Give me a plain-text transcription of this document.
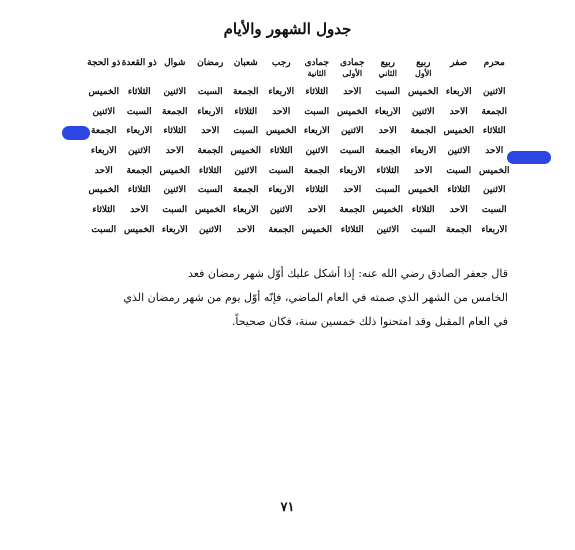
جدول الشهور والأيام
محرم
صفر
ربيع
ربيع
جمادى
جمادى
رجب
شعبان
رمضان
شوال
ذو القعدة
ذو الحجة
الأول
الثاني
الأولى
الثانية
الاثنين
الأربعاء
الخميس
السبت
الأحد
الثلاثاء
الأربعاء
الجمعة
السبت
الاثنين
الثلاثاء
الخميس
الجمعة
الأحد
الاثنين
الأربعاء
الخميس
السبت
الأحد
الثلاثاء
الأربعاء
الجمعة
السبت
الاثنين
الثلاثاء
الخميس
الجمعة
الأحد
الاثنين
الأربعاء
الخميس
السبت
الأحد
الثلاثاء
الأربعاء
الجمعة
الأحد
الاثنين
الأربعاء
الجمعة
السبت
الاثنين
الثلاثاء
الخميس
الجمعة
الأحد
الاثنين
الأربعاء
الخميس
السبت
الأحد
الثلاثاء
الأربعاء
الجمعة
السبت
الاثنين
الثلاثاء
الخميس
الجمعة
الأحد
الاثنين
الثلاثاء
الخميس
السبت
الأحد
الثلاثاء
الأربعاء
الجمعة
السبت
الاثنين
الثلاثاء
الخميس
السبت
الأحد
الثلاثاء
الخميس
الجمعة
الأحد
الاثنين
الأربعاء
الخميس
السبت
الأحد
الثلاثاء
الأربعاء
الجمعة
السبت
الاثنين
الثلاثاء
الخميس
الجمعة
الأحد
الاثنين
الأربعاء
الخميس
السبت

قال جعفر الصادق رضي الله عنه: إذا أشكل عليك أوّل شهر رمضان فعد

الخامس من الشهر الذي صمته في العام الماضي، فإنّه أوّل يوم من شهر رمضان الذي

في العام المقبل وقد امتحنوا ذلك خمسين سنة، فكان صحيحاً.

٧١
